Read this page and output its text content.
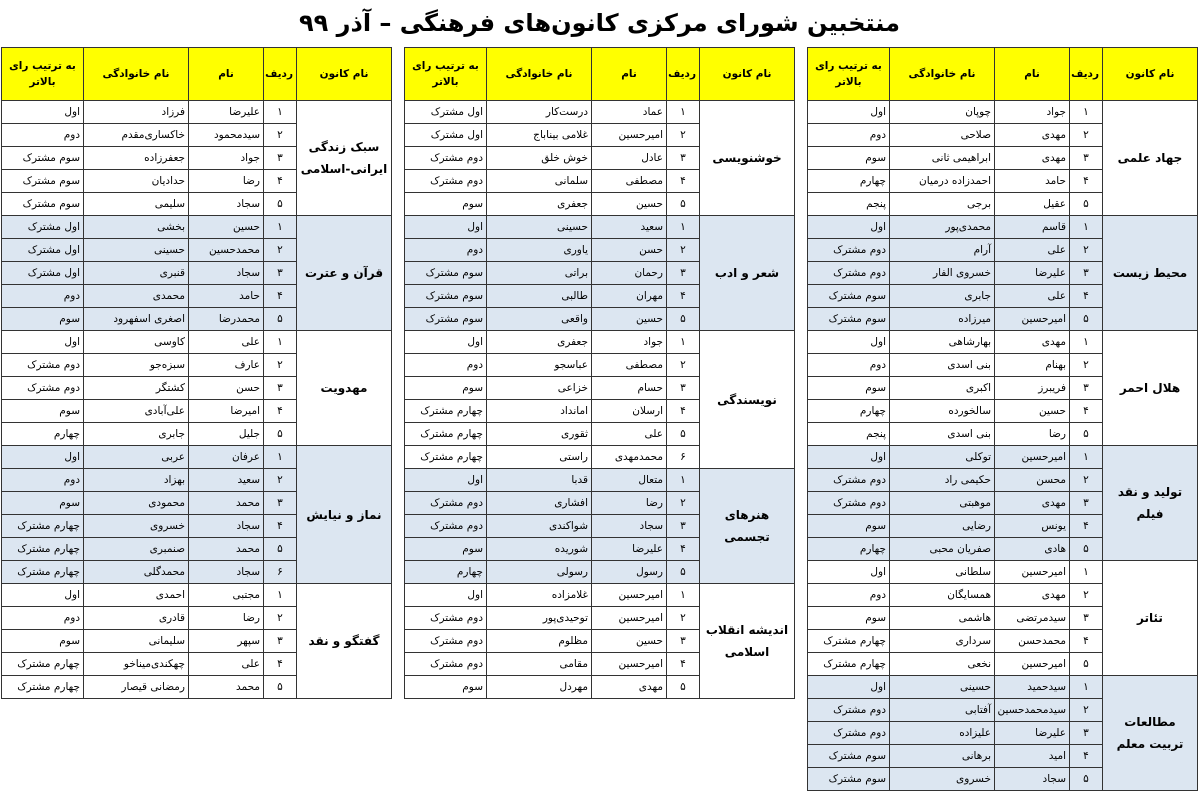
منتخبین شورای مرکزی کانون‌های فرهنگی – آذر ۹۹
نام کانون	ردیف	نام	نام خانوادگی	به ترتیب رای بالاتر
جهاد علمی	۱	جواد	چوپان	اول
	۲	مهدی	صلاحی	دوم
	۳	مهدی	ابراهیمی ثانی	سوم
	۴	حامد	احمدزاده درمیان	چهارم
	۵	عقیل	برجی	پنجم
محیط زیست	۱	قاسم	محمدی‌پور	اول
	۲	علی	آرام	دوم مشترک
	۳	علیرضا	خسروی الفار	دوم مشترک
	۴	علی	جابری	سوم مشترک
	۵	امیرحسین	میرزاده	سوم مشترک
هلال احمر	۱	مهدی	بهارشاهی	اول
	۲	بهنام	بنی اسدی	دوم
	۳	فریبرز	اکبری	سوم
	۴	حسین	سالخورده	چهارم
	۵	رضا	بنی اسدی	پنجم
تولید و نقد فیلم	۱	امیرحسین	توکلی	اول
	۲	محسن	حکیمی راد	دوم مشترک
	۳	مهدی	موهبتی	دوم مشترک
	۴	یونس	رضایی	سوم
	۵	هادی	صفریان محبی	چهارم
تئاتر	۱	امیرحسین	سلطانی	اول
	۲	مهدی	همسایگان	دوم
	۳	سیدمرتضی	هاشمی	سوم
	۴	محمدحسن	سرداری	چهارم مشترک
	۵	امیرحسین	نخعی	چهارم مشترک
مطالعات تربیت معلم	۱	سیدحمید	حسینی	اول
	۲	سیدمحمدحسین	آفتابی	دوم مشترک
	۳	علیرضا	علیزاده	دوم مشترک
	۴	امید	برهانی	سوم مشترک
	۵	سجاد	خسروی	سوم مشترک
نام کانون	ردیف	نام	نام خانوادگی	به ترتیب رای بالاتر
خوشنویسی	۱	عماد	درست‌کار	اول مشترک
	۲	امیرحسین	غلامی بیناباج	اول مشترک
	۳	عادل	خوش خلق	دوم مشترک
	۴	مصطفی	سلمانی	دوم مشترک
	۵	حسین	جعفری	سوم
شعر و ادب	۱	سعید	حسینی	اول
	۲	حسن	یاوری	دوم
	۳	رحمان	براتی	سوم مشترک
	۴	مهران	طالبی	سوم مشترک
	۵	حسین	واقعی	سوم مشترک
نویسندگی	۱	جواد	جعفری	اول
	۲	مصطفی	عباسجو	دوم
	۳	حسام	خزاعی	سوم
	۴	ارسلان	امانداد	چهارم مشترک
	۵	علی	ثقوری	چهارم مشترک
	۶	محمدمهدی	راستی	چهارم مشترک
هنرهای تجسمی	۱	متعال	قدبا	اول
	۲	رضا	افشاری	دوم مشترک
	۳	سجاد	شواکندی	دوم مشترک
	۴	علیرضا	شوریده	سوم
	۵	رسول	رسولی	چهارم
اندیشه انقلاب اسلامی	۱	امیرحسین	غلامزاده	اول
	۲	امیرحسین	توحیدی‌پور	دوم مشترک
	۳	حسین	مظلوم	دوم مشترک
	۴	امیرحسین	مقامی	دوم مشترک
	۵	مهدی	مهردل	سوم
نام کانون	ردیف	نام	نام خانوادگی	به ترتیب رای بالاتر
سبک زندگی ایرانی-اسلامی	۱	علیرضا	فرزاد	اول
	۲	سیدمحمود	خاکساری‌مقدم	دوم
	۳	جواد	جعفرزاده	سوم مشترک
	۴	رضا	حدادیان	سوم مشترک
	۵	سجاد	سلیمی	سوم مشترک
قرآن و عترت	۱	حسین	بخشی	اول مشترک
	۲	محمدحسین	حسینی	اول مشترک
	۳	سجاد	قنبری	اول مشترک
	۴	حامد	محمدی	دوم
	۵	محمدرضا	اصغری اسفهرود	سوم
مهدویت	۱	علی	کاوسی	اول
	۲	عارف	سبزه‌جو	دوم مشترک
	۳	حسن	کشتگر	دوم مشترک
	۴	امیرضا	علی‌آبادی	سوم
	۵	جلیل	جابری	چهارم
نماز و نیایش	۱	عرفان	عربی	اول
	۲	سعید	بهزاد	دوم
	۳	محمد	محمودی	سوم
	۴	سجاد	خسروی	چهارم مشترک
	۵	محمد	صنمبری	چهارم مشترک
	۶	سجاد	محمدگلی	چهارم مشترک
گفتگو و نقد	۱	مجتبی	احمدی	اول
	۲	رضا	قادری	دوم
	۳	سپهر	سلیمانی	سوم
	۴	علی	چهکندی‌میناخو	چهارم مشترک
	۵	محمد	رمضانی قیصار	چهارم مشترک
